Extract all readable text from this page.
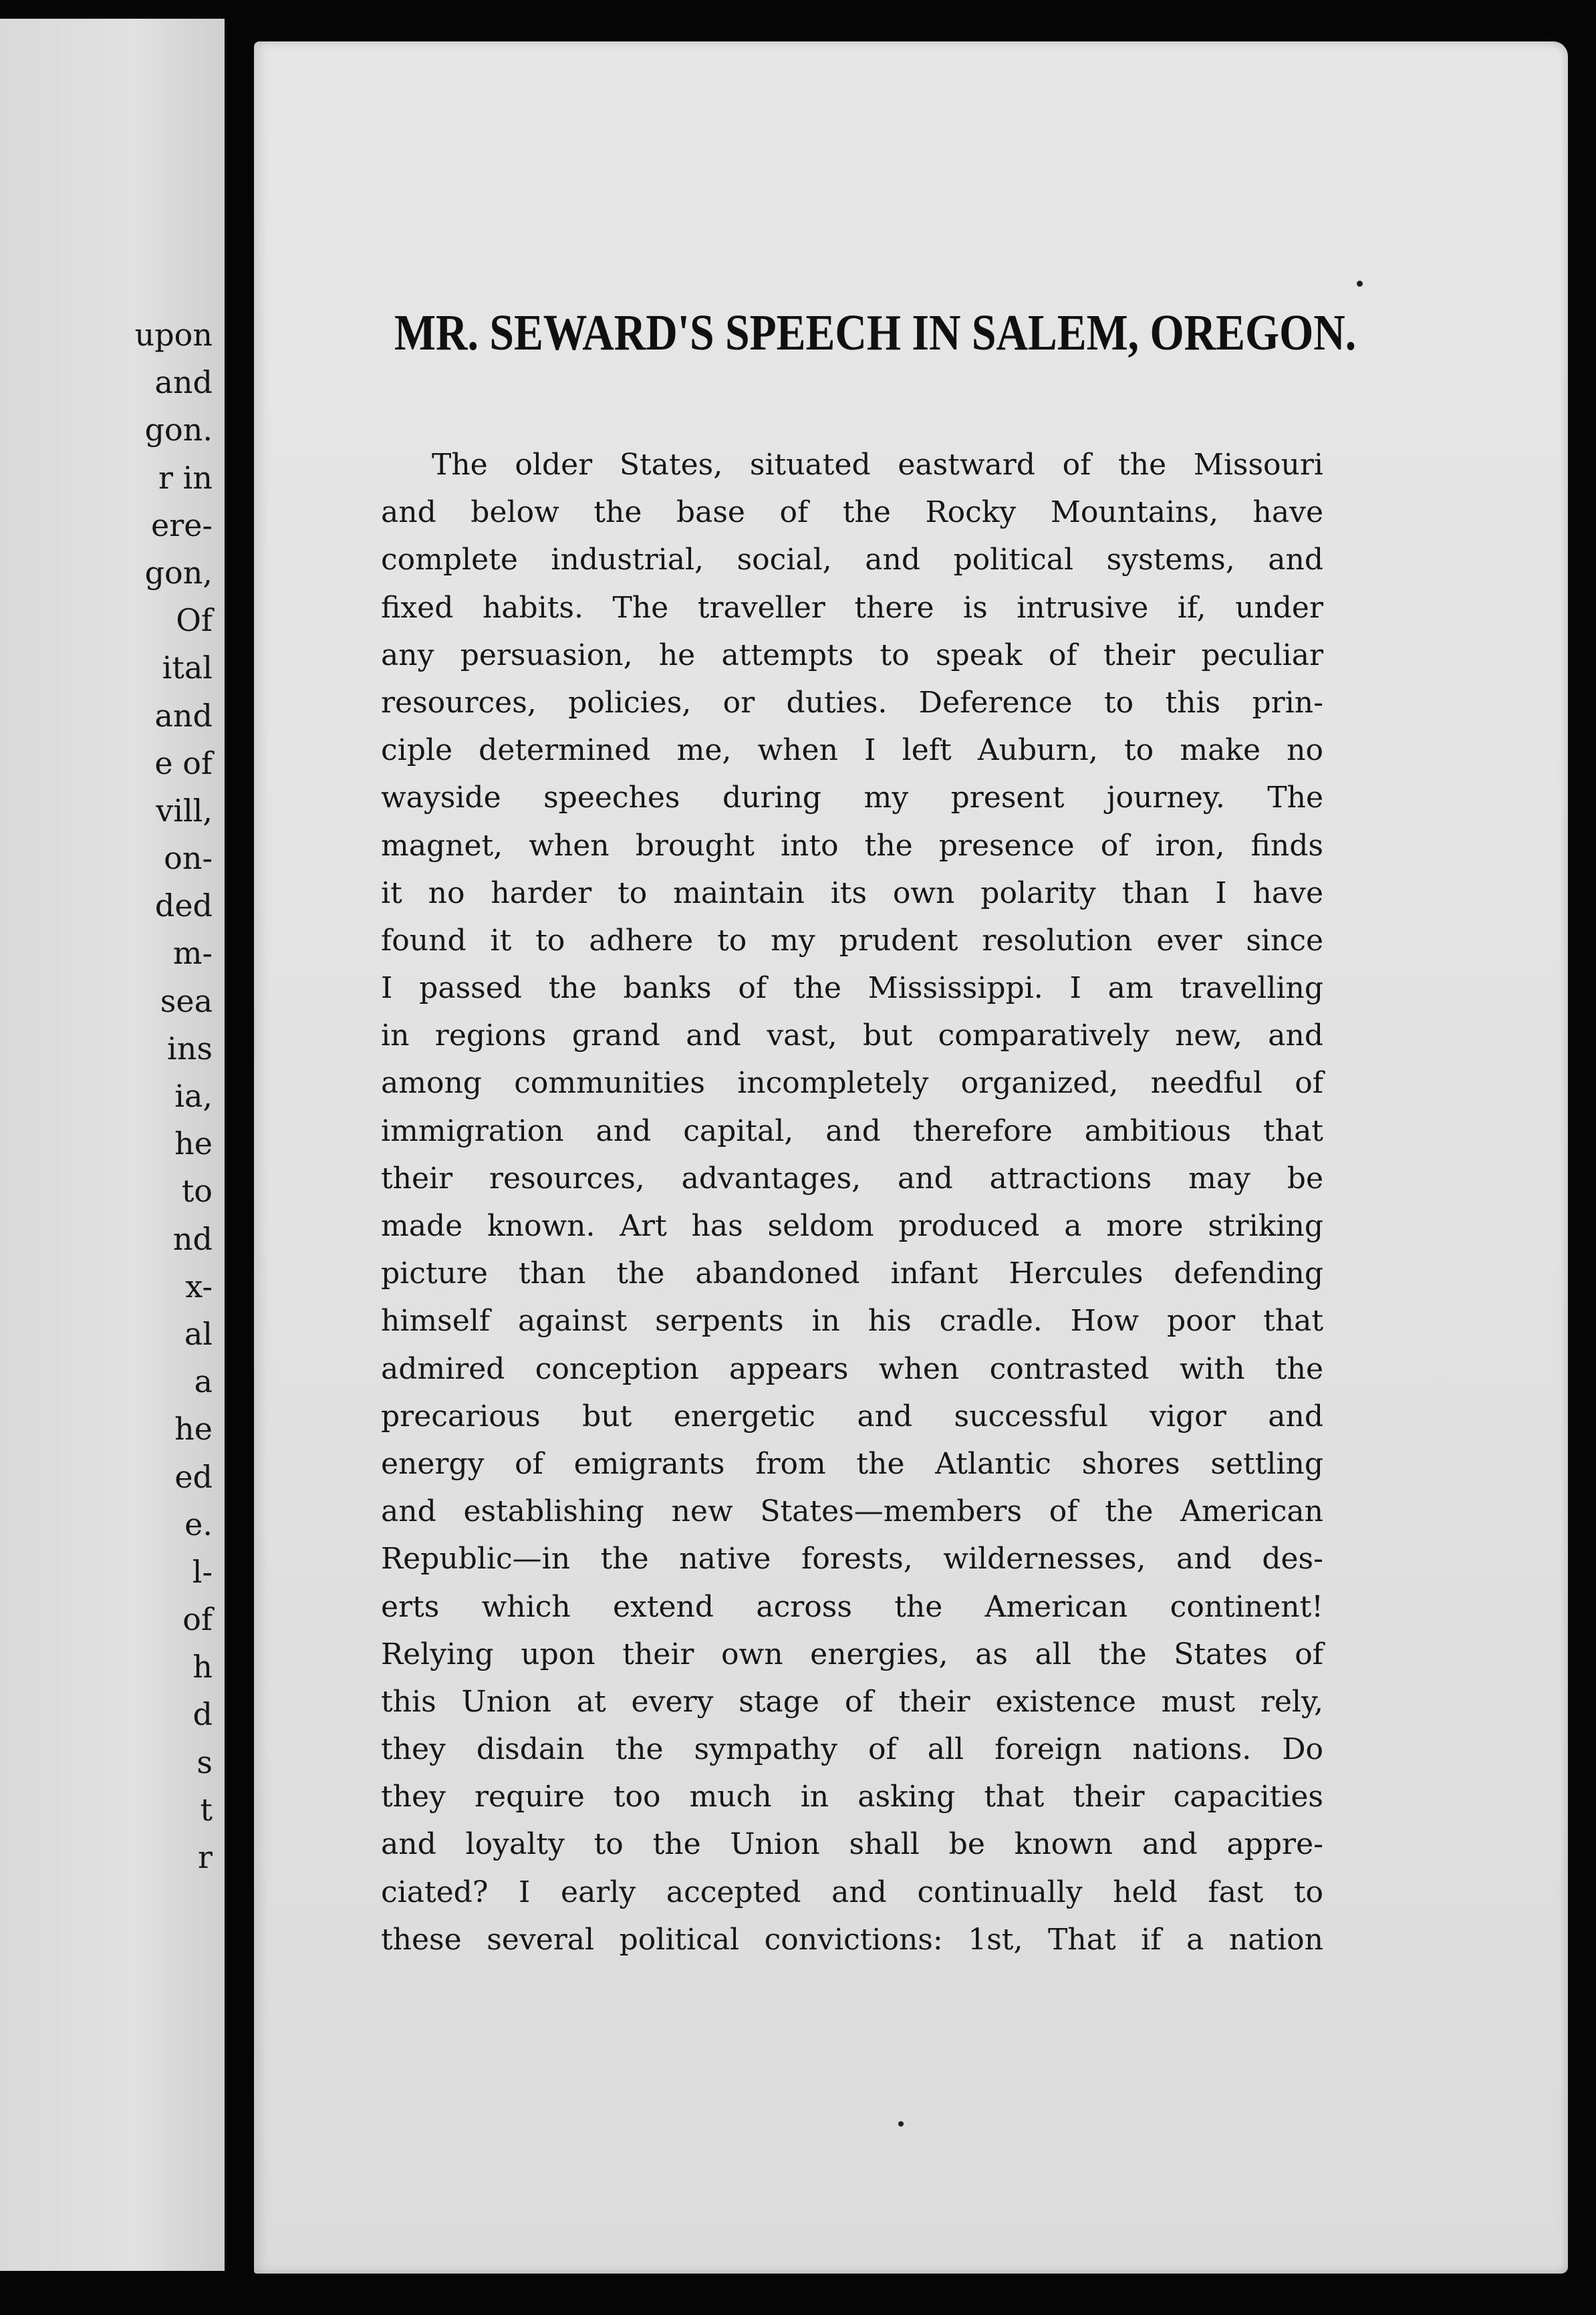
upon
and
gon.
r in
ere-
gon,
Of
ital
and
e of
vill,
on-
ded
m-
sea
ins
ia,
he
to
nd
x-
al
a
he
ed
e.
l-
of
h
d
s
t
r
MR. SEWARD'S SPEECH IN SALEM, OREGON.
The older States, situated eastward of the Missouri
and below the base of the Rocky Mountains, have
complete industrial, social, and political systems, and
fixed habits. The traveller there is intrusive if, under
any persuasion, he attempts to speak of their peculiar
resources, policies, or duties. Deference to this prin-
ciple determined me, when I left Auburn, to make no
wayside speeches during my present journey. The
magnet, when brought into the presence of iron, finds
it no harder to maintain its own polarity than I have
found it to adhere to my prudent resolution ever since
I passed the banks of the Mississippi. I am travelling
in regions grand and vast, but comparatively new, and
among communities incompletely organized, needful of
immigration and capital, and therefore ambitious that
their resources, advantages, and attractions may be
made known. Art has seldom produced a more striking
picture than the abandoned infant Hercules defending
himself against serpents in his cradle. How poor that
admired conception appears when contrasted with the
precarious but energetic and successful vigor and
energy of emigrants from the Atlantic shores settling
and establishing new States—members of the American
Republic—in the native forests, wildernesses, and des-
erts which extend across the American continent!
Relying upon their own energies, as all the States of
this Union at every stage of their existence must rely,
they disdain the sympathy of all foreign nations. Do
they require too much in asking that their capacities
and loyalty to the Union shall be known and appre-
ciated? I early accepted and continually held fast to
these several political convictions: 1st, That if a nation
